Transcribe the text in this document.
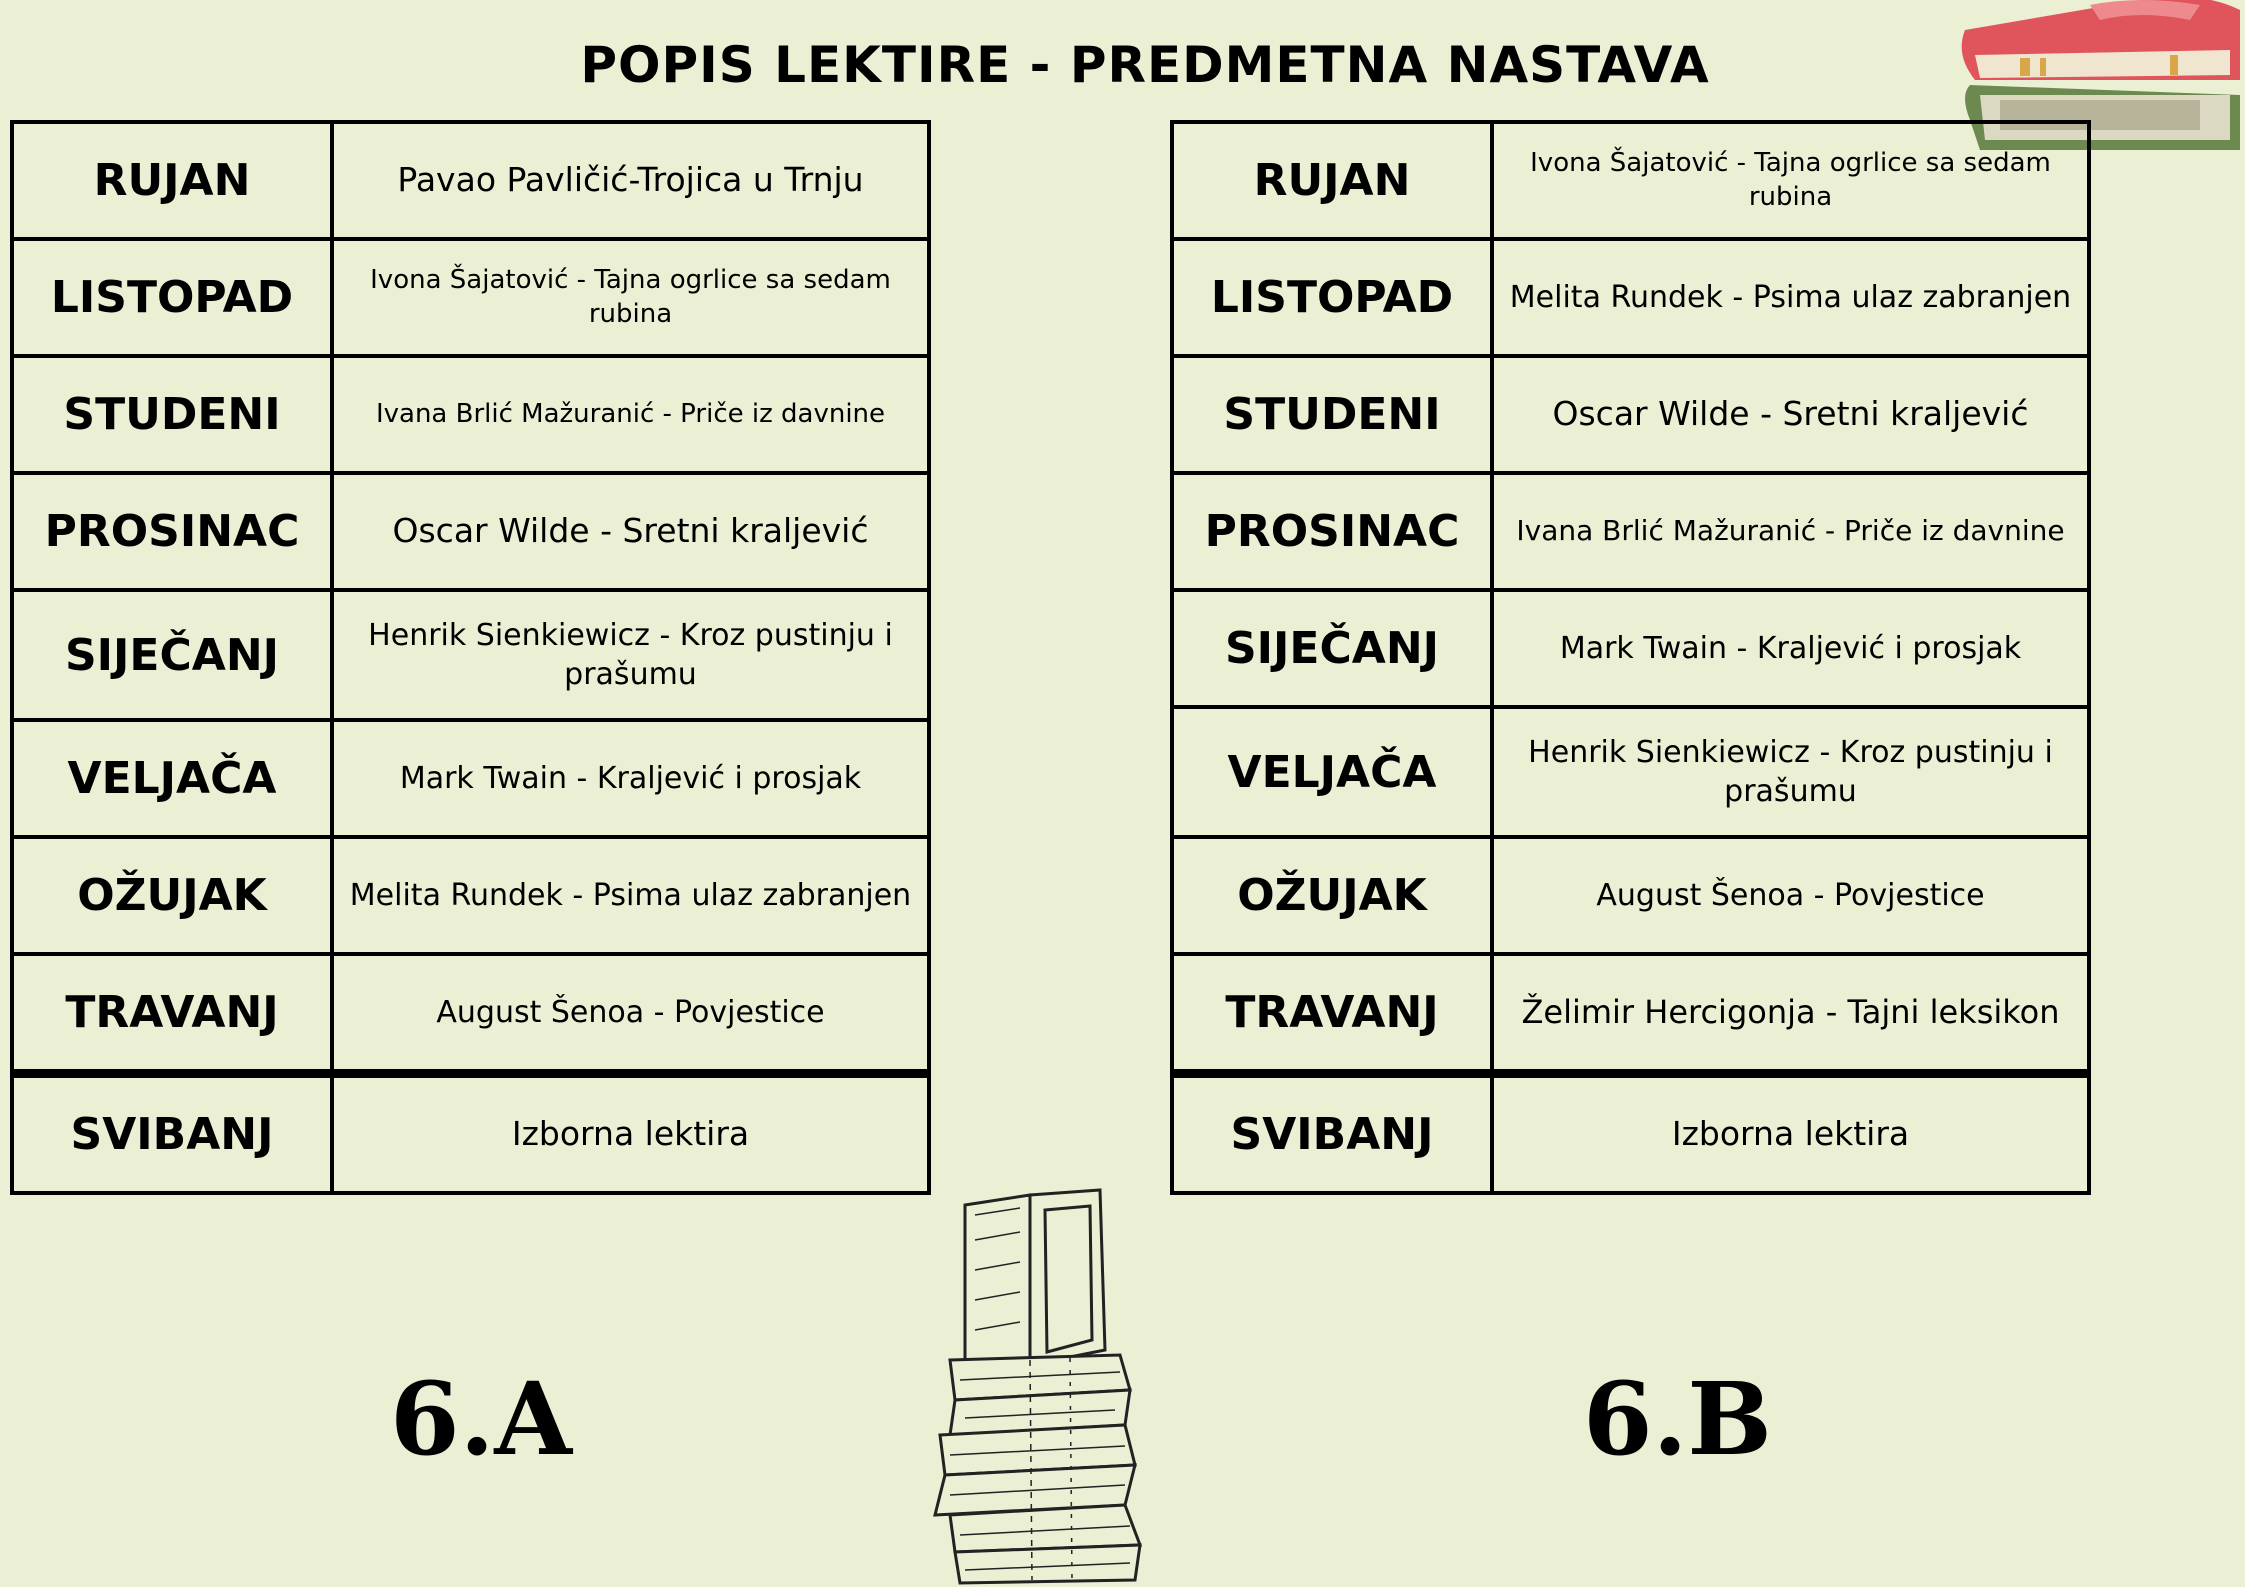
POPIS LEKTIRE - PREDMETNA NASTAVA
RUJAN	Pavao Pavličić-Trojica u Trnju
LISTOPAD	Ivona Šajatović - Tajna ogrlice sa sedam rubina
STUDENI	Ivana Brlić Mažuranić - Priče iz davnine
PROSINAC	Oscar Wilde - Sretni kraljević
SIJEČANJ	Henrik Sienkiewicz - Kroz pustinju i prašumu
VELJAČA	Mark Twain - Kraljević i prosjak
OŽUJAK	Melita Rundek - Psima ulaz zabranjen
TRAVANJ	August Šenoa - Povjestice
SVIBANJ	Izborna lektira
RUJAN	Ivona Šajatović - Tajna ogrlice sa sedam rubina
LISTOPAD	Melita Rundek - Psima ulaz zabranjen
STUDENI	Oscar Wilde - Sretni kraljević
PROSINAC	Ivana Brlić Mažuranić - Priče iz davnine
SIJEČANJ	Mark Twain - Kraljević i prosjak
VELJAČA	Henrik Sienkiewicz - Kroz pustinju i prašumu
OŽUJAK	August Šenoa - Povjestice
TRAVANJ	Želimir Hercigonja - Tajni leksikon
SVIBANJ	Izborna lektira
6.A	6.B
